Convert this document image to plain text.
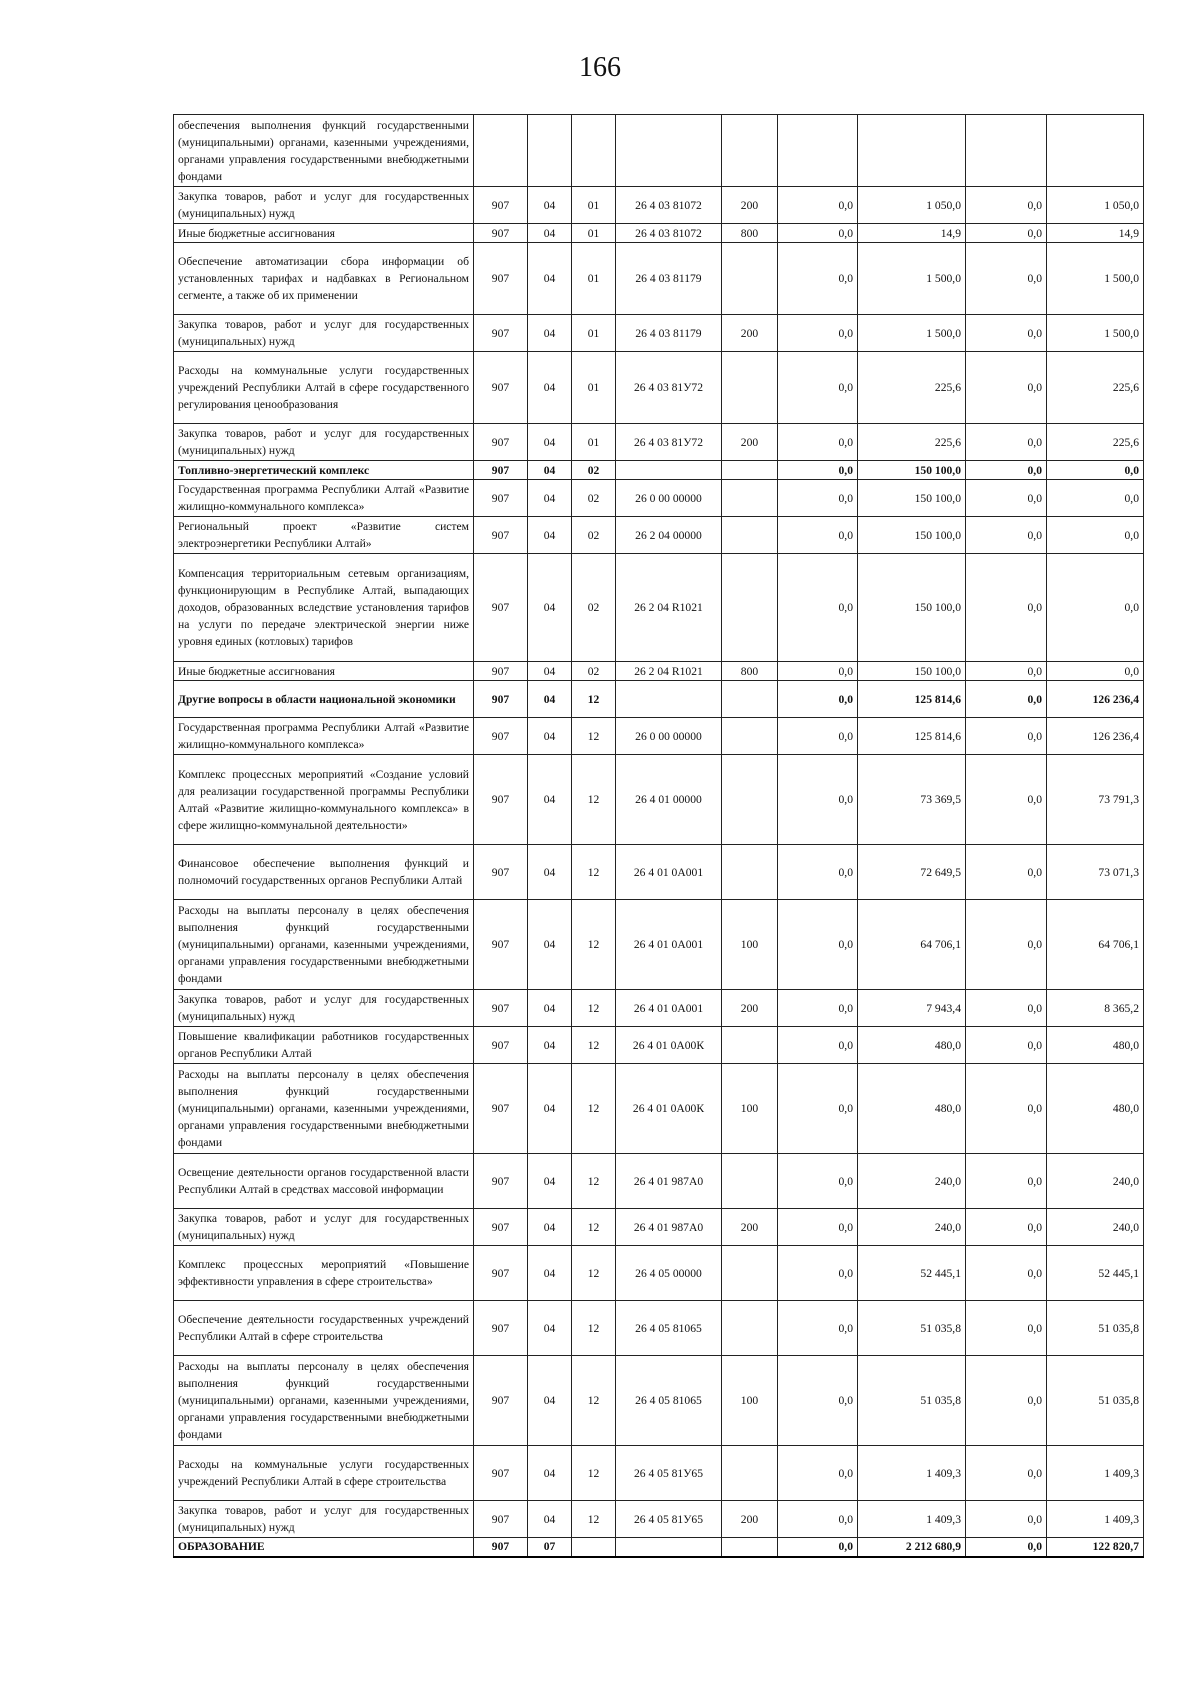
166
обеспечения выполнения функций государственными (муниципальными) органами, казенными учреждениями, органами управления государственными внебюджетными фондами									
Закупка товаров, работ и услуг для государственных (муниципальных) нужд	907	04	01	26 4 03 81072	200	0,0	1 050,0	0,0	1 050,0
Иные бюджетные ассигнования	907	04	01	26 4 03 81072	800	0,0	14,9	0,0	14,9
Обеспечение автоматизации сбора информации об установленных тарифах и надбавках в Региональном сегменте, а также об их применении	907	04	01	26 4 03 81179		0,0	1 500,0	0,0	1 500,0
Закупка товаров, работ и услуг для государственных (муниципальных) нужд	907	04	01	26 4 03 81179	200	0,0	1 500,0	0,0	1 500,0
Расходы на коммунальные услуги государственных учреждений Республики Алтай в сфере государственного регулирования ценообразования	907	04	01	26 4 03 81У72		0,0	225,6	0,0	225,6
Закупка товаров, работ и услуг для государственных (муниципальных) нужд	907	04	01	26 4 03 81У72	200	0,0	225,6	0,0	225,6
Топливно-энергетический комплекс	907	04	02			0,0	150 100,0	0,0	0,0
Государственная программа Республики Алтай «Развитие жилищно-коммунального комплекса»	907	04	02	26 0 00 00000		0,0	150 100,0	0,0	0,0
Региональный проект «Развитие систем электроэнергетики Республики Алтай»	907	04	02	26 2 04 00000		0,0	150 100,0	0,0	0,0
Компенсация территориальным сетевым организациям, функционирующим в Республике Алтай, выпадающих доходов, образованных вследствие установления тарифов на услуги по передаче электрической энергии ниже уровня единых (котловых) тарифов	907	04	02	26 2 04 R1021		0,0	150 100,0	0,0	0,0
Иные бюджетные ассигнования	907	04	02	26 2 04 R1021	800	0,0	150 100,0	0,0	0,0
Другие вопросы в области национальной экономики	907	04	12			0,0	125 814,6	0,0	126 236,4
Государственная программа Республики Алтай «Развитие жилищно-коммунального комплекса»	907	04	12	26 0 00 00000		0,0	125 814,6	0,0	126 236,4
Комплекс процессных мероприятий «Создание условий для реализации государственной программы Республики Алтай «Развитие жилищно-коммунального комплекса» в сфере жилищно-коммунальной деятельности»	907	04	12	26 4 01 00000		0,0	73 369,5	0,0	73 791,3
Финансовое обеспечение выполнения функций и полномочий государственных органов Республики Алтай	907	04	12	26 4 01 0А001		0,0	72 649,5	0,0	73 071,3
Расходы на выплаты персоналу в целях обеспечения выполнения функций государственными (муниципальными) органами, казенными учреждениями, органами управления государственными внебюджетными фондами	907	04	12	26 4 01 0А001	100	0,0	64 706,1	0,0	64 706,1
Закупка товаров, работ и услуг для государственных (муниципальных) нужд	907	04	12	26 4 01 0А001	200	0,0	7 943,4	0,0	8 365,2
Повышение квалификации работников государственных органов Республики Алтай	907	04	12	26 4 01 0А00К		0,0	480,0	0,0	480,0
Расходы на выплаты персоналу в целях обеспечения выполнения функций государственными (муниципальными) органами, казенными учреждениями, органами управления государственными внебюджетными фондами	907	04	12	26 4 01 0А00К	100	0,0	480,0	0,0	480,0
Освещение деятельности органов государственной власти Республики Алтай в средствах массовой информации	907	04	12	26 4 01 987А0		0,0	240,0	0,0	240,0
Закупка товаров, работ и услуг для государственных (муниципальных) нужд	907	04	12	26 4 01 987А0	200	0,0	240,0	0,0	240,0
Комплекс процессных мероприятий «Повышение эффективности управления в сфере строительства»	907	04	12	26 4 05 00000		0,0	52 445,1	0,0	52 445,1
Обеспечение деятельности государственных учреждений Республики Алтай в сфере строительства	907	04	12	26 4 05 81065		0,0	51 035,8	0,0	51 035,8
Расходы на выплаты персоналу в целях обеспечения выполнения функций государственными (муниципальными) органами, казенными учреждениями, органами управления государственными внебюджетными фондами	907	04	12	26 4 05 81065	100	0,0	51 035,8	0,0	51 035,8
Расходы на коммунальные услуги государственных учреждений Республики Алтай в сфере строительства	907	04	12	26 4 05 81У65		0,0	1 409,3	0,0	1 409,3
Закупка товаров, работ и услуг для государственных (муниципальных) нужд	907	04	12	26 4 05 81У65	200	0,0	1 409,3	0,0	1 409,3
ОБРАЗОВАНИЕ	907	07				0,0	2 212 680,9	0,0	122 820,7
